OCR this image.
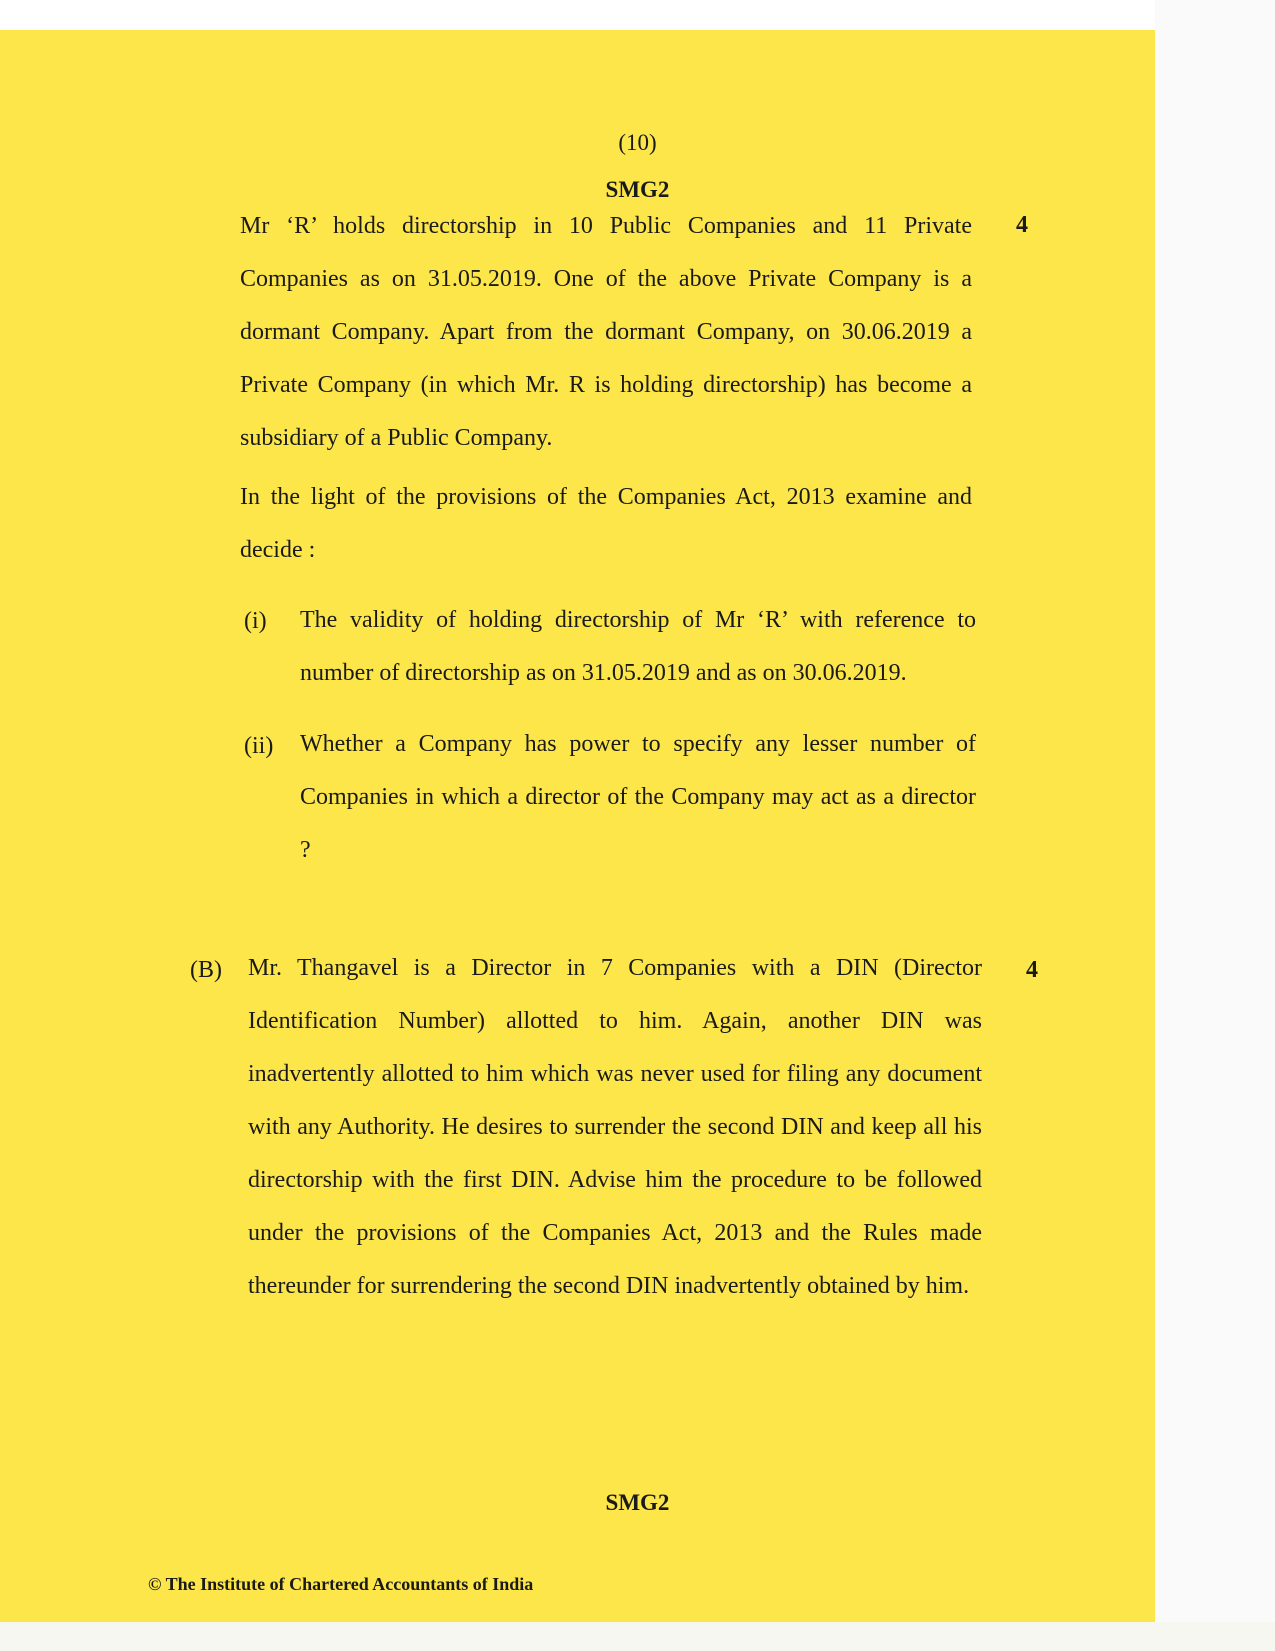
(10)
SMG2
Mr ‘R’ holds directorship in 10 Public Companies and 11 Private Companies as on 31.05.2019. One of the above Private Company is a dormant Company. Apart from the dormant Company, on 30.06.2019 a Private Company (in which Mr. R is holding directorship) has become a subsidiary of a Public Company.
4
In the light of the provisions of the Companies Act, 2013 examine and decide :
(i) The validity of holding directorship of Mr ‘R’ with reference to number of directorship as on 31.05.2019 and as on 30.06.2019.
(ii) Whether a Company has power to specify any lesser number of Companies in which a director of the Company may act as a director ?
(B) Mr. Thangavel is a Director in 7 Companies with a DIN (Director Identification Number) allotted to him. Again, another DIN was inadvertently allotted to him which was never used for filing any document with any Authority. He desires to surrender the second DIN and keep all his directorship with the first DIN. Advise him the procedure to be followed under the provisions of the Companies Act, 2013 and the Rules made thereunder for surrendering the second DIN inadvertently obtained by him.
4
SMG2
© The Institute of Chartered Accountants of India
